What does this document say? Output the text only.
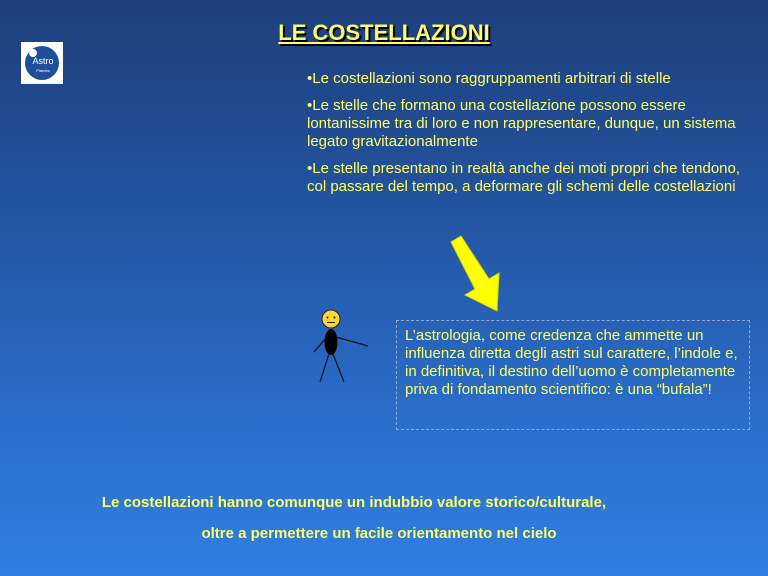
LE COSTELLAZIONI
Astro
Pianeta	•Le costellazioni sono raggruppamenti arbitrari di stelle

•Le stelle che formano una costellazione possono essere lontanissime tra di loro e non rappresentare, dunque, un sistema legato gravitazionalmente

•Le stelle presentano in realtà anche dei moti propri che tendono, col passare del tempo, a deformare gli schemi delle costellazioni

L’astrologia, come credenza che ammette un influenza diretta degli astri sul carattere, l’indole e, in definitiva, il destino dell’uomo è completamente priva di fondamento scientifico: è una “bufala”!
Le costellazioni hanno comunque un indubbio valore storico/culturale,
oltre a permettere un facile orientamento nel cielo
